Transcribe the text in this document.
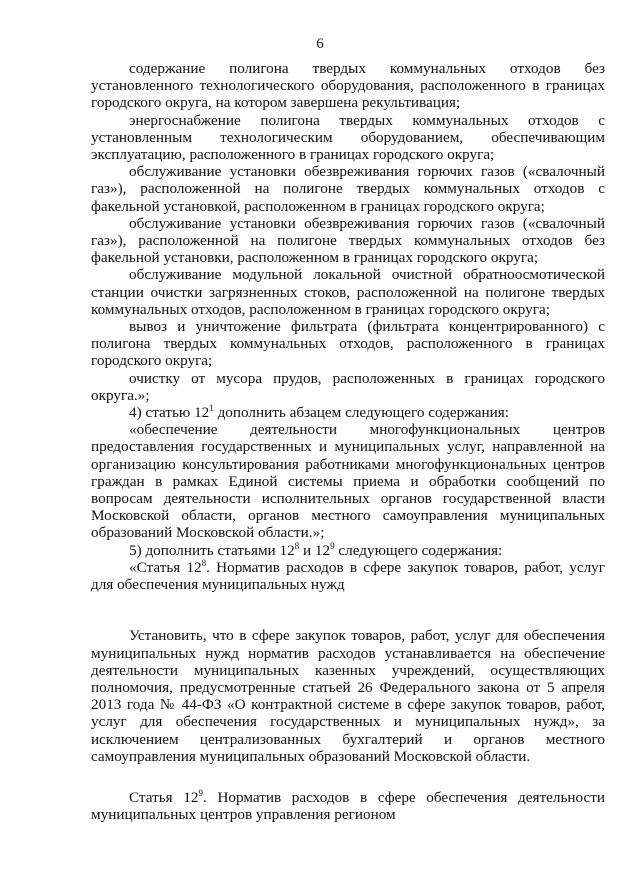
6

содержание полигона твердых коммунальных отходов без установленного технологического оборудования, расположенного в границах городского округа, на котором завершена рекультивация;

энергоснабжение полигона твердых коммунальных отходов с установленным технологическим оборудованием, обеспечивающим эксплуатацию, расположенного в границах городского округа;

обслуживание установки обезвреживания горючих газов («свалочный газ»), расположенной на полигоне твердых коммунальных отходов с факельной установкой, расположенном в границах городского округа;

обслуживание установки обезвреживания горючих газов («свалочный газ»), расположенной на полигоне твердых коммунальных отходов без факельной установки, расположенном в границах городского округа;

обслуживание модульной локальной очистной обратноосмотической станции очистки загрязненных стоков, расположенной на полигоне твердых коммунальных отходов, расположенном в границах городского округа;

вывоз и уничтожение фильтрата (фильтрата концентрированного) с полигона твердых коммунальных отходов, расположенного в границах городского округа;

очистку от мусора прудов, расположенных в границах городского округа.»;

4) статью $12^1$ дополнить абзацем следующего содержания:

«обеспечение деятельности многофункциональных центров предоставления государственных и муниципальных услуг, направленной на организацию консультирования работниками многофункциональных центров граждан в рамках Единой системы приема и обработки сообщений по вопросам деятельности исполнительных органов государственной власти Московской области, органов местного самоуправления муниципальных образований Московской области.»;

5) дополнить статьями $12^8$ и $12^9$ следующего содержания:

«Статья $12^8$. Норматив расходов в сфере закупок товаров, работ, услуг для обеспечения муниципальных нужд

Установить, что в сфере закупок товаров, работ, услуг для обеспечения муниципальных нужд норматив расходов устанавливается на обеспечение деятельности муниципальных казенных учреждений, осуществляющих полномочия, предусмотренные статьей 26 Федерального закона от 5 апреля 2013 года № 44-ФЗ «О контрактной системе в сфере закупок товаров, работ, услуг для обеспечения государственных и муниципальных нужд», за исключением централизованных бухгалтерий и органов местного самоуправления муниципальных образований Московской области.

Статья $12^9$. Норматив расходов в сфере обеспечения деятельности муниципальных центров управления регионом
